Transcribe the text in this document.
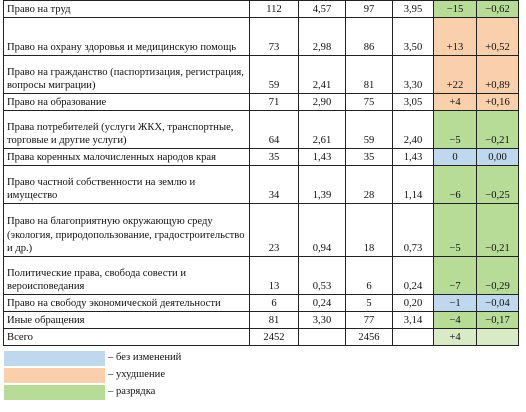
Право на труд	112	4,57	97	3,95	−15	−0,62
Право на охрану здоровья и медицинскую помощь	73	2,98	86	3,50	+13	+0,52
Право на гражданство (паспортизация, регистрация, вопросы миграции)	59	2,41	81	3,30	+22	+0,89
Право на образование	71	2,90	75	3,05	+4	+0,16
Права потребителей (услуги ЖКХ, транспортные, торговые и другие услуги)	64	2,61	59	2,40	−5	−0,21
Права коренных малочисленных народов края	35	1,43	35	1,43	0	0,00
Право частной собственности на землю и имущество	34	1,39	28	1,14	−6	−0,25
Право на благоприятную окружающую среду (экология, природопользование, градостроительство и др.)	23	0,94	18	0,73	−5	−0,21
Политические права, свобода совести и вероисповедания	13	0,53	6	0,24	−7	−0,29
Право на свободу экономической деятельности	6	0,24	5	0,20	−1	−0,04
Иные обращения	81	3,30	77	3,14	−4	−0,17
Всего	2452		2456		+4	
– без изменений
– ухудшение
– разрядка
